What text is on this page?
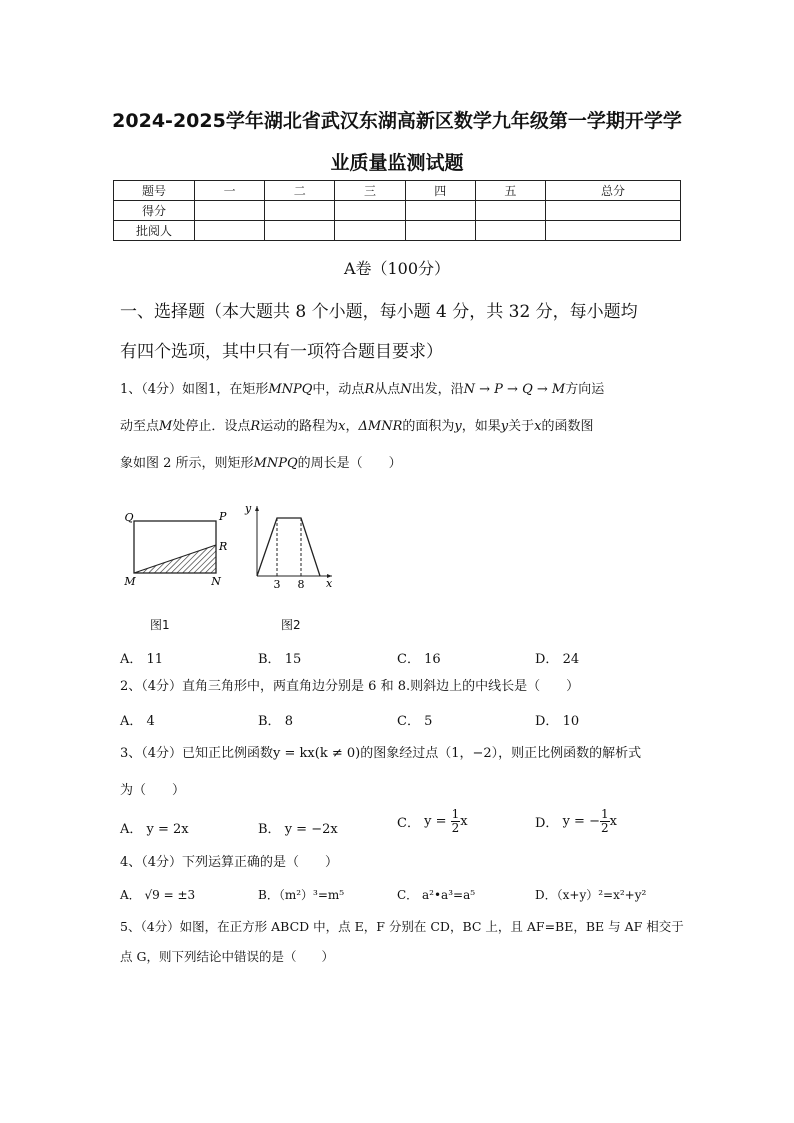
2024-2025学年湖北省武汉东湖高新区数学九年级第一学期开学学
业质量监测试题
题号	一	二	三	四	五	总分
得分						
批阅人						
A卷（100分）
一、选择题（本大题共 8 个小题，每小题 4 分，共 32 分，每小题均
有四个选项，其中只有一项符合题目要求）
1、（4分）如图1，在矩形MNPQ中，动点R从点N出发，沿N → P → Q → M方向运
动至点M处停止．设点R运动的路程为x，ΔMNR的面积为y，如果y关于x的函数图
象如图 2 所示，则矩形MNPQ的周长是（　　）
Q	P
R
M	N
y
x
3 8
图1	图2
A． 11	B． 15	C． 16	D． 24
2、（4分）直角三角形中，两直角边分别是 6 和 8.则斜边上的中线长是（　　）
A． 4	B． 8	C． 5	D． 10
3、（4分）已知正比例函数y = kx(k ≠ 0)的图象经过点（1，−2），则正比例函数的解析式
为（　　）
A． y = 2x	B． y = −2x	C． $y = \frac{1}{2}$ x	D． y = − $\frac{1}{2}$ x
4、（4分）下列运算正确的是（　　）
A． √9 = ±3	B．（m²）³=m⁵	C． a²•a³=a⁵	D．（x+y）²=x²+y²
5、（4分）如图，在正方形 ABCD 中，点 E，F 分别在 CD，BC 上，且 AF=BE，BE 与 AF 相交于
点 G，则下列结论中错误的是（　　）
